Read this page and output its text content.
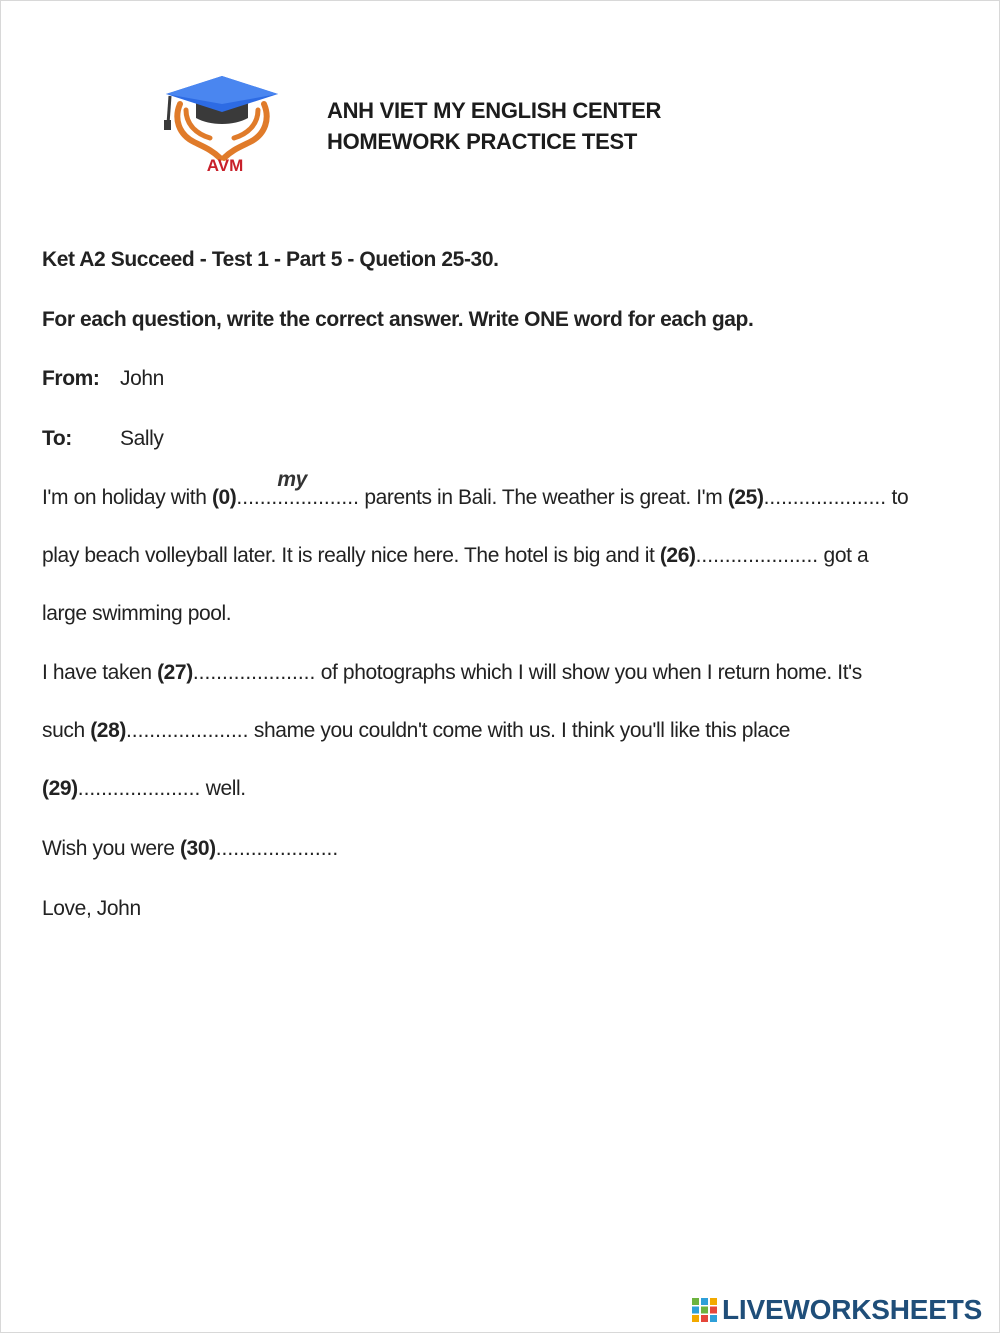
AVM
ANH VIET MY ENGLISH CENTER
HOMEWORK PRACTICE TEST
Ket A2 Succeed - Test 1 - Part 5 - Quetion 25-30.
For each question, write the correct answer. Write ONE word for each gap.
From: John
To: Sally
I'm on holiday with (0).....................
my
parents in Bali. The weather is great. I'm (25)..................... to
play beach volleyball later. It is really nice here. The hotel is big and it (26)..................... got a
large swimming pool.
I have taken (27)..................... of photographs which I will show you when I return home. It's
such (28)..................... shame you couldn't come with us. I think you'll like this place
(29)..................... well.
Wish you were (30).....................
Love, John
LIVEWORKSHEETS
